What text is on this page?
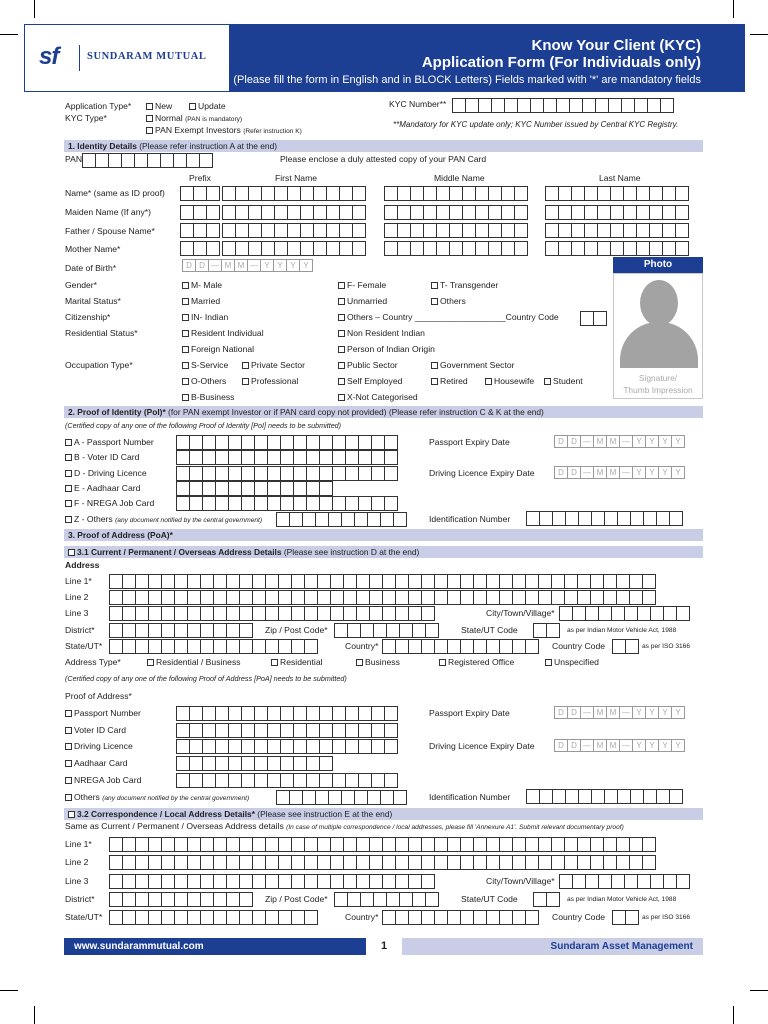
sf	SUNDARAM MUTUAL
Know Your Client (KYC)
Application Form (For Individuals only)
(Please fill the form in English and in BLOCK Letters) Fields marked with '*' are mandatory fields
Application Type*	New	Update
KYC Type*	Normal (PAN is mandatory)
PAN Exempt Investors (Refer instruction K)
KYC Number**
**Mandatory for KYC update only; KYC Number issued by Central KYC Registry.
1. Identity Details (Please refer instruction A at the end)
PAN	Please enclose a duly attested copy of your PAN Card
Prefix	First Name	Middle Name	Last Name
Name* (same as ID proof)
Maiden Name (If any*)
Father / Spouse Name*
Mother Name*
Date of Birth*	D D — M M — Y Y Y Y
Gender*	M- Male	F- Female	T- Transgender
Marital Status*	Married	Unmarried	Others
Citizenship*	IN- Indian	Others – Country ___________________Country Code
Residential Status*	Resident Individual	Non Resident Indian
Foreign National	Person of Indian Origin
Occupation Type*	S-Service	Private Sector	Public Sector	Government Sector
O-Others	Professional	Self Employed	Retired	Housewife	Student
B-Business	X-Not Categorised
Photo
Signature/
Thumb Impression
2. Proof of Identity (PoI)* (for PAN exempt Investor or if PAN card copy not provided) (Please refer instruction C & K at the end)
(Certified copy of any one of the following Proof of Identity [PoI] needs to be submitted)
A - Passport Number
B - Voter ID Card
D - Driving Licence
E - Aadhaar Card
F - NREGA Job Card
Z - Others (any document notified by the central government)
Passport Expiry Date	D D — M M — Y Y Y Y
Driving Licence Expiry Date	D D — M M — Y Y Y Y
Identification Number
3. Proof of Address (PoA)*
3.1 Current / Permanent / Overseas Address Details (Please see instruction D at the end)
Address
Line 1*
Line 2
Line 3	City/Town/Village*
District*	Zip / Post Code*	State/UT Code	as per Indian Motor Vehicle Act, 1988
State/UT*	Country*	Country Code	as per ISO 3166
Address Type*	Residential / Business	Residential	Business	Registered Office	Unspecified
(Certified copy of any one of the following Proof of Address [PoA] needs to be submitted)
Proof of Address*
Passport Number
Voter ID Card
Driving Licence
Aadhaar Card
NREGA Job Card
Others (any document notified by the central government)
Passport Expiry Date	D D — M M — Y Y Y Y
Driving Licence Expiry Date	D D — M M — Y Y Y Y
Identification Number
3.2 Correspondence / Local Address Details* (Please see instruction E at the end)
Same as Current / Permanent / Overseas Address details (In case of multiple correspondence / local addresses, please fill 'Annexure A1'. Submit relevant documentary proof)
Line 1*
Line 2
Line 3	City/Town/Village*
District*	Zip / Post Code*	State/UT Code	as per Indian Motor Vehicle Act, 1988
State/UT*	Country*	Country Code	as per ISO 3166
www.sundarammutual.com	1	Sundaram Asset Management
